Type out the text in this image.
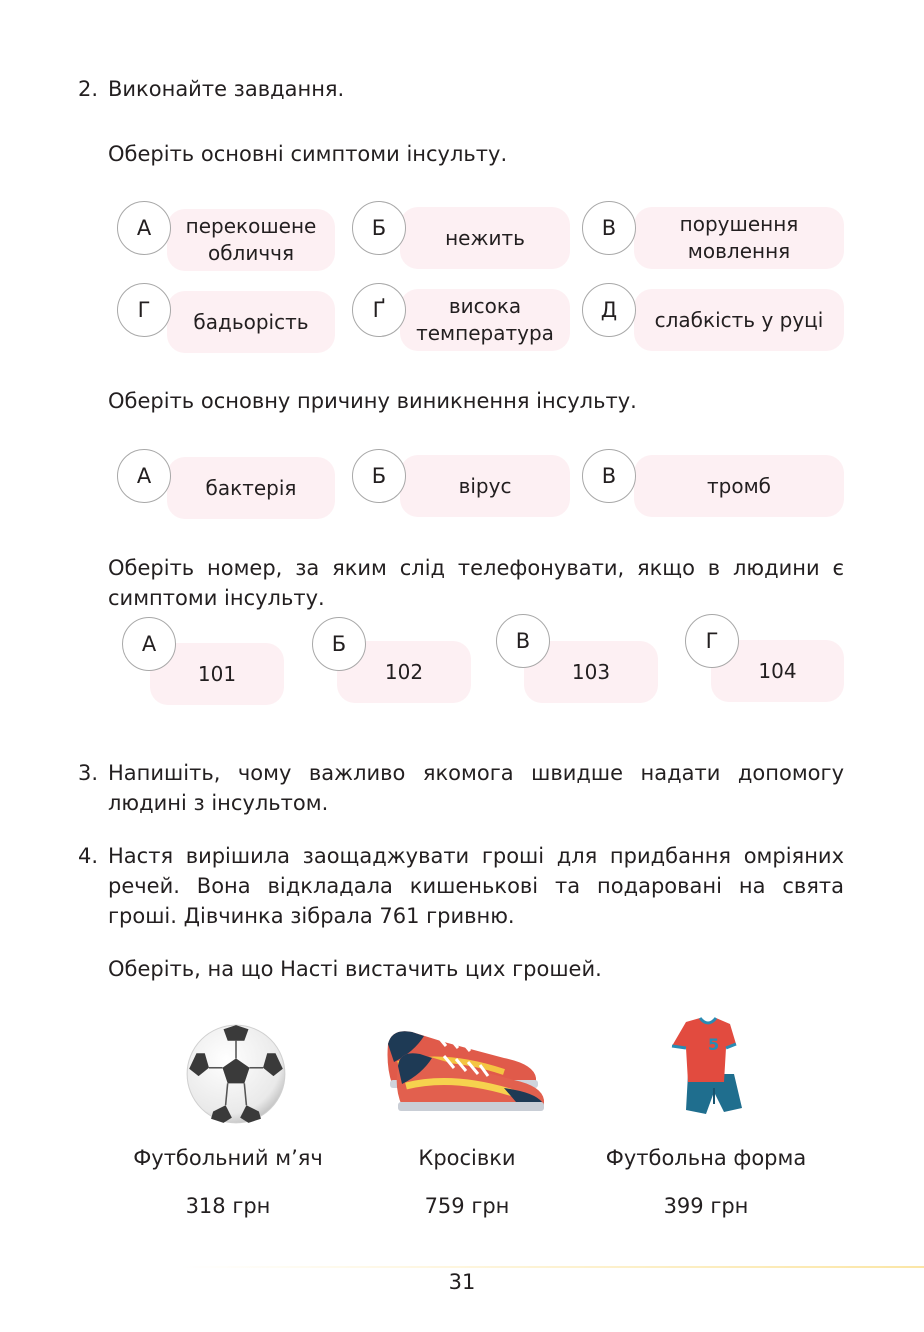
2. Виконайте завдання.
Оберіть основні симптоми інсульту.
перекошене обличчя
А	нежить
Б	порушення мовлення
В
бадьорість
Г	висока температура
Ґ	слабкість у руці
Д
Оберіть основну причину виникнення інсульту.
бактерія
А	вірус
Б	тромб
В
Оберіть номер, за яким слід телефонувати, якщо в людини є симптоми інсульту.
101
А
102
Б
103
В
104
Г
3. Напишіть, чому важливо якомога швидше надати допомогу людині з інсультом.
4. Настя вирішила заощаджувати гроші для придбання омріяних речей. Вона відкладала кишенькові та подаровані на свята гроші. Дівчинка зібрала 761 гривню.
Оберіть, на що Насті вистачить цих грошей.
5
Футбольний м’яч
318 грн
Кросівки
759 грн
Футбольна форма
399 грн
31
